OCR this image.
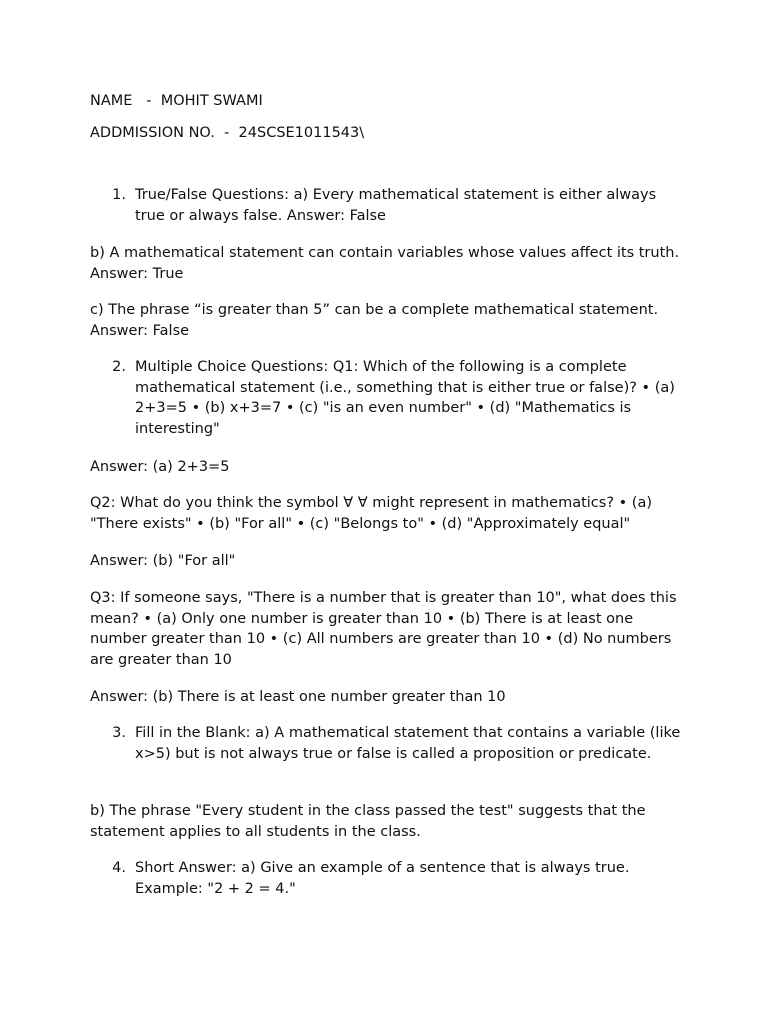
NAME   -  MOHIT SWAMI

ADDMISSION NO.  -  24SCSE1011543\

1. True/False Questions: a) Every mathematical statement is either always true or always false. Answer: False

b) A mathematical statement can contain variables whose values affect its truth. Answer: True

c) The phrase “is greater than 5” can be a complete mathematical statement. Answer: False

2. Multiple Choice Questions: Q1: Which of the following is a complete mathematical statement (i.e., something that is either true or false)? • (a) 2+3=5 • (b) x+3=7 • (c) "is an even number" • (d) "Mathematics is interesting"

Answer: (a) 2+3=5

Q2: What do you think the symbol ∀ ∀ might represent in mathematics? • (a) "There exists" • (b) "For all" • (c) "Belongs to" • (d) "Approximately equal"

Answer: (b) "For all"

Q3: If someone says, "There is a number that is greater than 10", what does this mean? • (a) Only one number is greater than 10 • (b) There is at least one number greater than 10 • (c) All numbers are greater than 10 • (d) No numbers are greater than 10

Answer: (b) There is at least one number greater than 10

3. Fill in the Blank: a) A mathematical statement that contains a variable (like x>5) but is not always true or false is called a proposition or predicate.

b) The phrase "Every student in the class passed the test" suggests that the statement applies to all students in the class.

4. Short Answer: a) Give an example of a sentence that is always true. Example: "2 + 2 = 4."
